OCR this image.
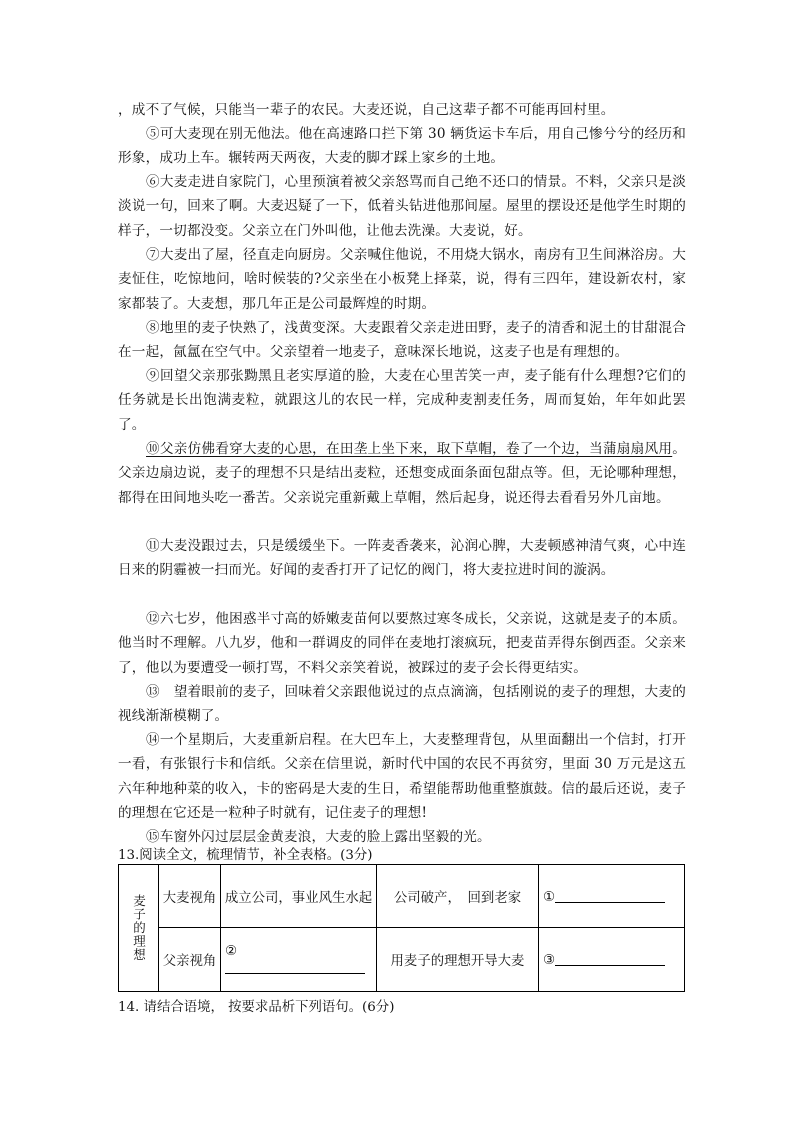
，成不了气候，只能当一辈子的农民。大麦还说，自己这辈子都不可能再回村里。

⑤可大麦现在别无他法。他在高速路口拦下第 30 辆货运卡车后，用自己惨兮兮的经历和形象，成功上车。辗转两天两夜，大麦的脚才踩上家乡的土地。

⑥大麦走进自家院门，心里预演着被父亲怒骂而自己绝不还口的情景。不料，父亲只是淡淡说一句，回来了啊。大麦迟疑了一下，低着头钻进他那间屋。屋里的摆设还是他学生时期的样子，一切都没变。父亲立在门外叫他，让他去洗澡。大麦说，好。

⑦大麦出了屋，径直走向厨房。父亲喊住他说，不用烧大锅水，南房有卫生间淋浴房。大麦怔住，吃惊地问，啥时候装的?父亲坐在小板凳上择菜，说，得有三四年，建设新农村，家家都装了。大麦想，那几年正是公司最辉煌的时期。

⑧地里的麦子快熟了，浅黄变深。大麦跟着父亲走进田野，麦子的清香和泥土的甘甜混合在一起，氤氲在空气中。父亲望着一地麦子，意味深长地说，这麦子也是有理想的。

⑨回望父亲那张黝黑且老实厚道的脸，大麦在心里苦笑一声，麦子能有什么理想?它们的任务就是长出饱满麦粒，就跟这儿的农民一样，完成种麦割麦任务，周而复始，年年如此罢了。

⑩父亲仿佛看穿大麦的心思，在田垄上坐下来，取下草帽，卷了一个边，当蒲扇扇风用。父亲边扇边说，麦子的理想不只是结出麦粒，还想变成面条面包甜点等。但，无论哪种理想，都得在田间地头吃一番苦。父亲说完重新戴上草帽，然后起身，说还得去看看另外几亩地。

⑪大麦没跟过去，只是缓缓坐下。一阵麦香袭来，沁润心脾，大麦顿感神清气爽，心中连日来的阴霾被一扫而光。好闻的麦香打开了记忆的阀门，将大麦拉进时间的漩涡。

⑫六七岁，他困惑半寸高的娇嫩麦苗何以要熬过寒冬成长，父亲说，这就是麦子的本质。他当时不理解。八九岁，他和一群调皮的同伴在麦地打滚疯玩，把麦苗弄得东倒西歪。父亲来了，他以为要遭受一顿打骂，不料父亲笑着说，被踩过的麦子会长得更结实。

⑬　望着眼前的麦子，回味着父亲跟他说过的点点滴滴，包括刚说的麦子的理想，大麦的视线渐渐模糊了。

⑭一个星期后，大麦重新启程。在大巴车上，大麦整理背包，从里面翻出一个信封，打开一看，有张银行卡和信纸。父亲在信里说，新时代中国的农民不再贫穷，里面 30 万元是这五六年种地种菜的收入，卡的密码是大麦的生日，希望能帮助他重整旗鼓。信的最后还说，麦子的理想在它还是一粒种子时就有，记住麦子的理想!

⑮车窗外闪过层层金黄麦浪，大麦的脸上露出坚毅的光。

13.阅读全文，梳理情节，补全表格。(3分)
麦子的理想	大麦视角	成立公司，事业风生水起	公司破产，　回到老家	①
	父亲视角	②	用麦子的理想开导大麦	③
14. 请结合语境， 按要求品析下列语句。(6分)
